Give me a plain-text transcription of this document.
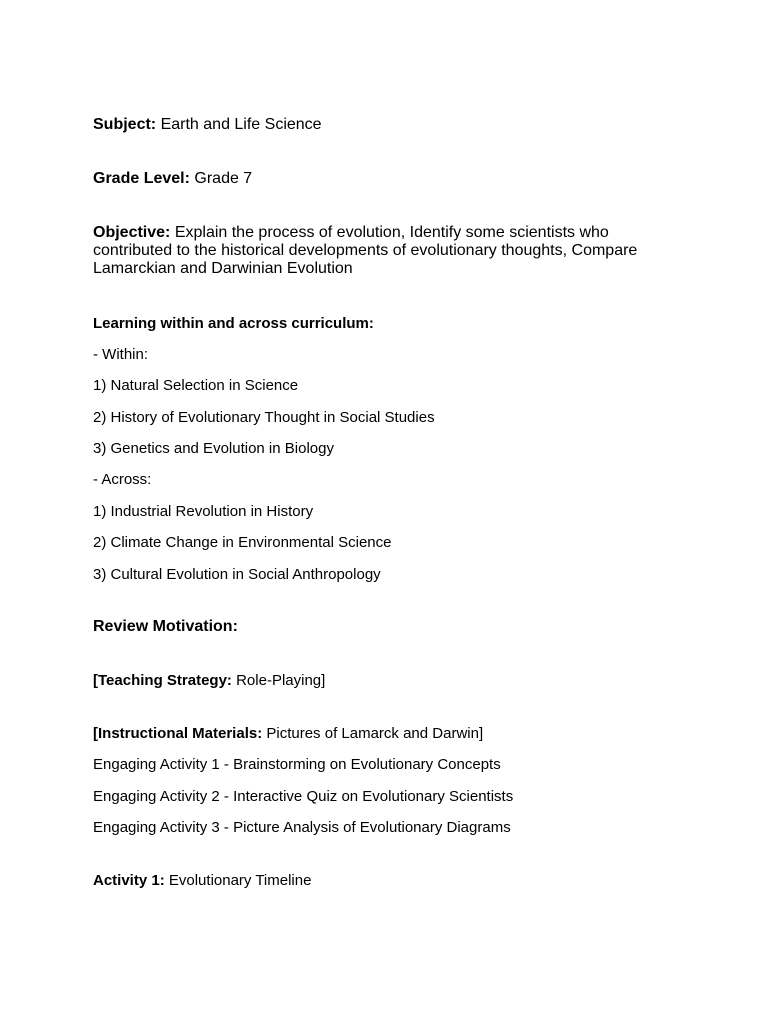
Subject: Earth and Life Science
Grade Level: Grade 7
Objective: Explain the process of evolution, Identify some scientists who contributed to the historical developments of evolutionary thoughts, Compare Lamarckian and Darwinian Evolution
Learning within and across curriculum:
- Within:
1) Natural Selection in Science
2) History of Evolutionary Thought in Social Studies
3) Genetics and Evolution in Biology
- Across:
1) Industrial Revolution in History
2) Climate Change in Environmental Science
3) Cultural Evolution in Social Anthropology
Review Motivation:
[Teaching Strategy: Role-Playing]
[Instructional Materials: Pictures of Lamarck and Darwin]
Engaging Activity 1 - Brainstorming on Evolutionary Concepts
Engaging Activity 2 - Interactive Quiz on Evolutionary Scientists
Engaging Activity 3 - Picture Analysis of Evolutionary Diagrams
Activity 1: Evolutionary Timeline
